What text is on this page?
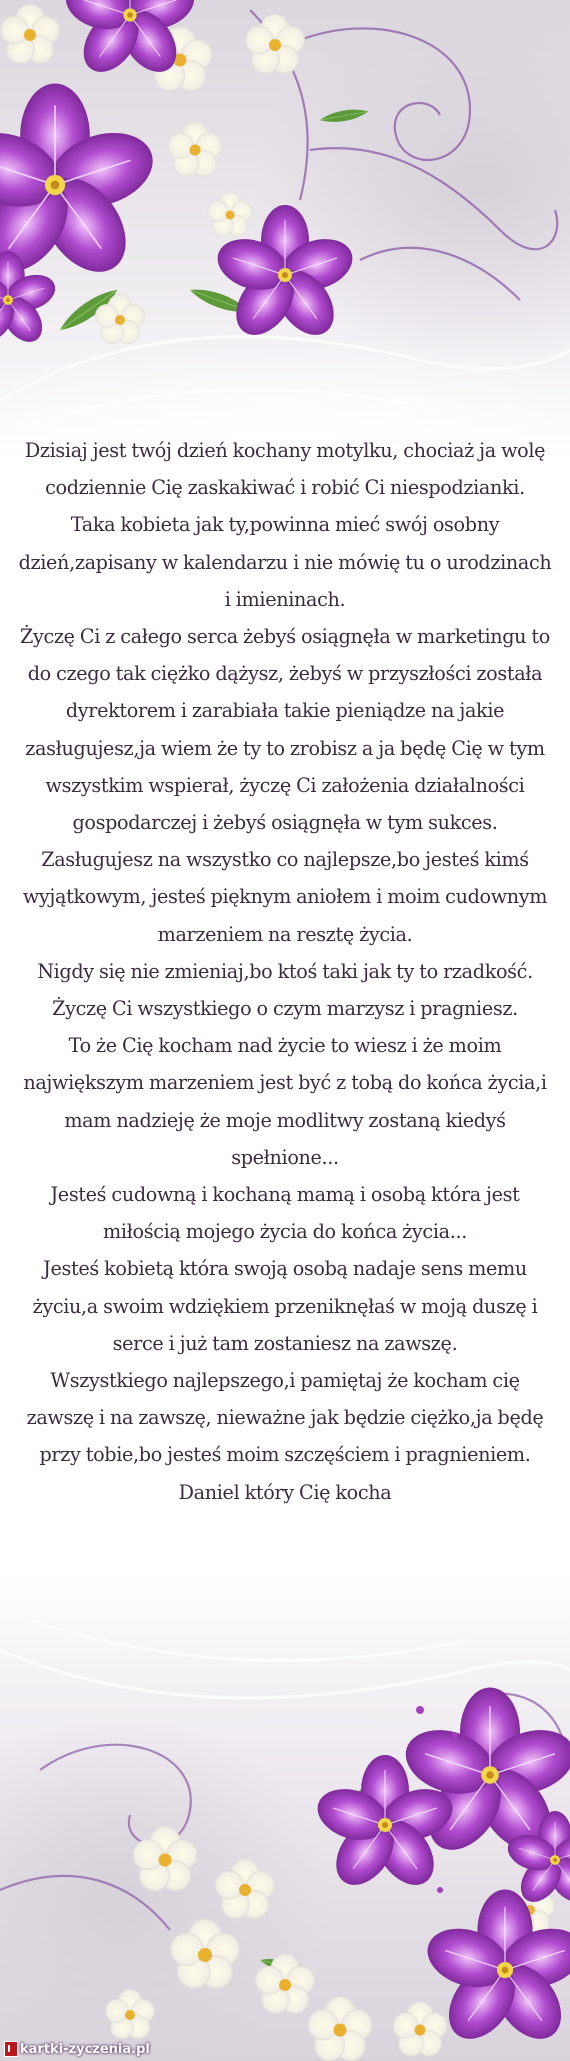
Dzisiaj jest twój dzień kochany motylku, chociaż ja wolę codziennie Cię zaskakiwać i robić Ci niespodzianki.

Taka kobieta jak ty,powinna mieć swój osobny dzień,zapisany w kalendarzu i nie mówię tu o urodzinach i imieninach.

Życzę Ci z całego serca żebyś osiągnęła w marketingu to do czego tak ciężko dążysz, żebyś w przyszłości została dyrektorem i zarabiała takie pieniądze na jakie zasługujesz,ja wiem że ty to zrobisz a ja będę Cię w tym wszystkim wspierał, życzę Ci założenia działalności gospodarczej i żebyś osiągnęła w tym sukces.

Zasługujesz na wszystko co najlepsze,bo jesteś kimś wyjątkowym, jesteś pięknym aniołem i moim cudownym marzeniem na resztę życia.

Nigdy się nie zmieniaj,bo ktoś taki jak ty to rzadkość.

Życzę Ci wszystkiego o czym marzysz i pragniesz.

To że Cię kocham nad życie to wiesz i że moim największym marzeniem jest być z tobą do końca życia,i mam nadzieję że moje modlitwy zostaną kiedyś spełnione...

Jesteś cudowną i kochaną mamą i osobą która jest miłością mojego życia do końca życia...

Jesteś kobietą która swoją osobą nadaje sens memu życiu,a swoim wdziękiem przeniknęłaś w moją duszę i serce i już tam zostaniesz na zawszę.

Wszystkiego najlepszego,i pamiętaj że kocham cię zawszę i na zawszę, nieważne jak będzie ciężko,ja będę przy tobie,bo jesteś moim szczęściem i pragnieniem.

Daniel który Cię kocha

kartki -zyczenia.pl
